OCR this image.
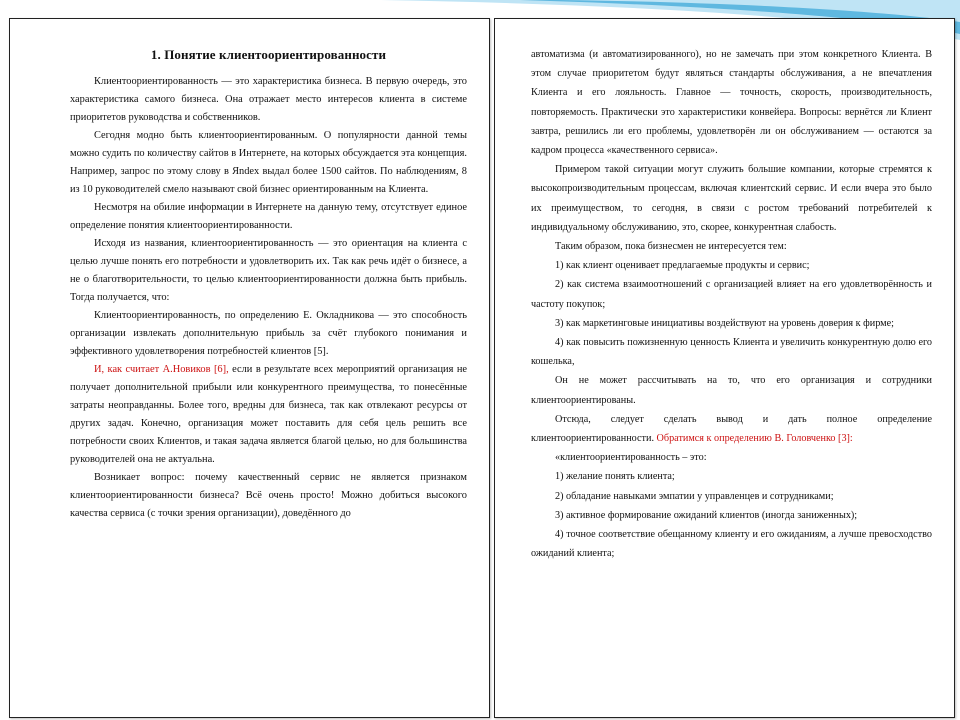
1. Понятие клиентоориентированности

Клиентоориентированность — это характеристика бизнеса. В первую очередь, это характеристика самого бизнеса. Она отражает место интересов клиента в системе приоритетов руководства и собственников.

Сегодня модно быть клиентоориентированным. О популярности данной темы можно судить по количеству сайтов в Интернете, на которых обсуждается эта концепция. Например, запрос по этому слову в Яndex выдал более 1500 сайтов. По наблюдениям, 8 из 10 руководителей смело называют свой бизнес ориентированным на Клиента.

Несмотря на обилие информации в Интернете на данную тему, отсутствует единое определение понятия клиентоориентированности.

Исходя из названия, клиентоориентированность — это ориентация на клиента с целью лучше понять его потребности и удовлетворить их. Так как речь идёт о бизнесе, а не о благотворительности, то целью клиентоориентированности должна быть прибыль. Тогда получается, что:

Клиентоориентированность, по определению Е. Окладникова — это способность организации извлекать дополнительную прибыль за счёт глубокого понимания и эффективного удовлетворения потребностей клиентов [5].

И, как считает А.Новиков [6], если в результате всех мероприятий организация не получает дополнительной прибыли или конкурентного преимущества, то понесённые затраты неоправданны. Более того, вредны для бизнеса, так как отвлекают ресурсы от других задач. Конечно, организация может поставить для себя цель решить все потребности своих Клиентов, и такая задача является благой целью, но для большинства руководителей она не актуальна.

Возникает вопрос: почему качественный сервис не является признаком клиентоориентированности бизнеса? Всё очень просто! Можно добиться высокого качества сервиса (с точки зрения организации), доведённого до

автоматизма (и автоматизированного), но не замечать при этом конкретного Клиента. В этом случае приоритетом будут являться стандарты обслуживания, а не впечатления Клиента и его лояльность. Главное — точность, скорость, производительность, повторяемость. Практически это характеристики конвейера. Вопросы: вернётся ли Клиент завтра, решились ли его проблемы, удовлетворён ли он обслуживанием — остаются за кадром процесса «качественного сервиса».

Примером такой ситуации могут служить большие компании, которые стремятся к высокопроизводительным процессам, включая клиентский сервис. И если вчера это было их преимуществом, то сегодня, в связи с ростом требований потребителей к индивидуальному обслуживанию, это, скорее, конкурентная слабость.

Таким образом, пока бизнесмен не интересуется тем:

1) как клиент оценивает предлагаемые продукты и сервис;

2) как система взаимоотношений с организацией влияет на его удовлетворённость и частоту покупок;

3) как маркетинговые инициативы воздействуют на уровень доверия к фирме;

4) как повысить пожизненную ценность Клиента и увеличить конкурентную долю его кошелька,

Он не может рассчитывать на то, что его организация и сотрудники клиентоориентированы.

Отсюда, следует сделать вывод и дать полное определение клиентоориентированности. Обратимся к определению В. Головченко [3]:

«клиентоориентированность – это:

1) желание понять клиента;

2) обладание навыками эмпатии у управленцев и сотрудниками;

3) активное формирование ожиданий клиентов (иногда заниженных);

4) точное соответствие обещанному клиенту и его ожиданиям, а лучше превосходство ожиданий клиента;
